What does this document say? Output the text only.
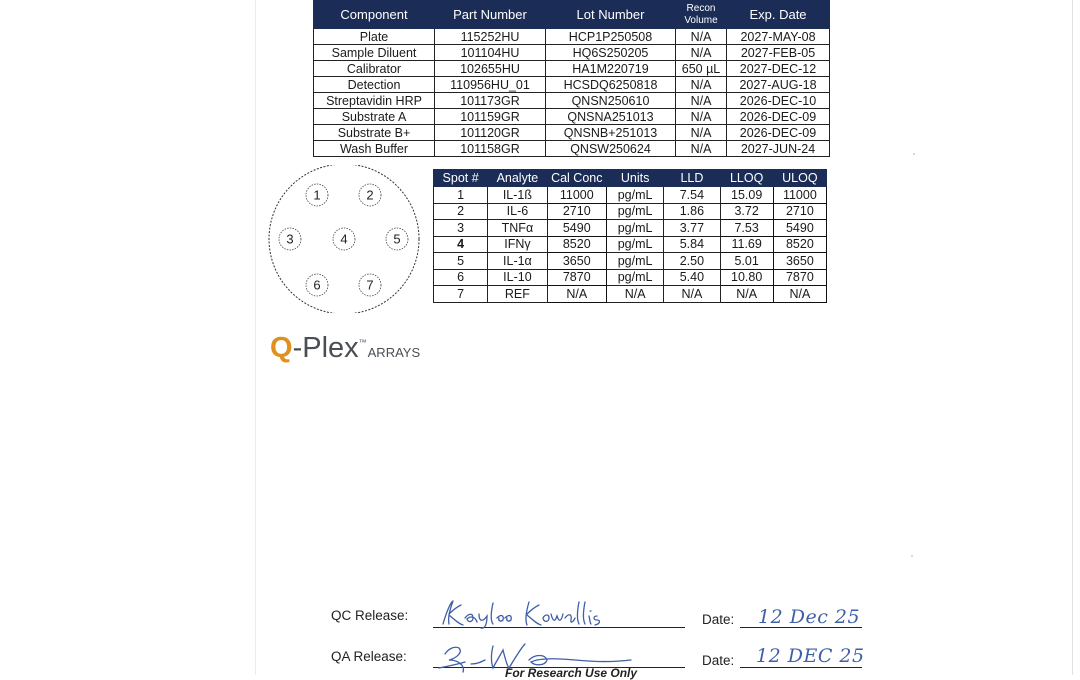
Component	Part Number	Lot Number	Recon Volume	Exp. Date
Plate	115252HU	HCP1P250508	N/A	2027-MAY-08
Sample Diluent	101104HU	HQ6S250205	N/A	2027-FEB-05
Calibrator	102655HU	HA1M220719	650 µL	2027-DEC-12
Detection	110956HU_01	HCSDQ6250818	N/A	2027-AUG-18
Streptavidin HRP	101173GR	QNSN250610	N/A	2026-DEC-10
Substrate A	101159GR	QNSNA251013	N/A	2026-DEC-09
Substrate B+	101120GR	QNSNB+251013	N/A	2026-DEC-09
Wash Buffer	101158GR	QNSW250624	N/A	2027-JUN-24
1	2
3	4	5
6	7
Spot #	Analyte	Cal Conc	Units	LLD	LLOQ	ULOQ
1	IL-1ß	11000	pg/mL	7.54	15.09	11000
2	IL-6	2710	pg/mL	1.86	3.72	2710
3	TNFα	5490	pg/mL	3.77	7.53	5490
4	IFNγ	8520	pg/mL	5.84	11.69	8520
5	IL-1α	3650	pg/mL	2.50	5.01	3650
6	IL-10	7870	pg/mL	5.40	10.80	7870
7	REF	N/A	N/A	N/A	N/A	N/A
Q-Plex™ARRAYS
QC Release:	Date: 12 Dec 25
QA Release:	Date: 12 DEC 25
For Research Use Only
